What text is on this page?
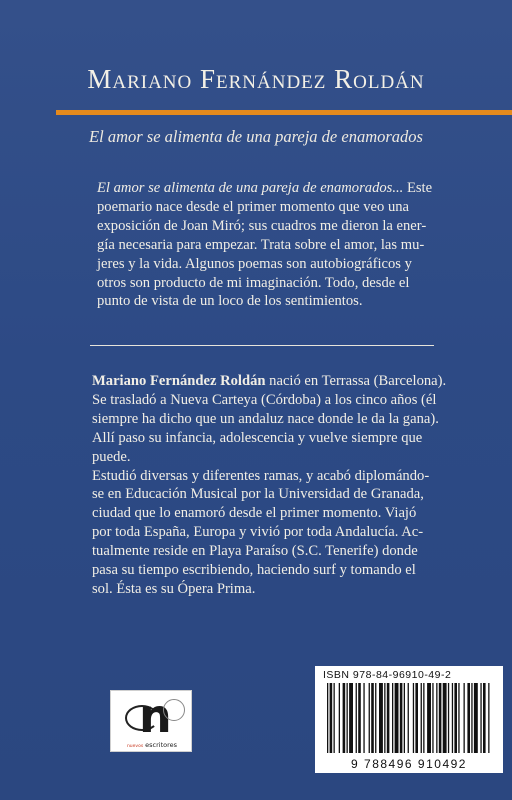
Mariano Fernández Roldán
El amor se alimenta de una pareja de enamorados
El amor se alimenta de una pareja de enamorados... Este
poemario nace desde el primer momento que veo una
exposición de Joan Miró; sus cuadros me dieron la ener-
gía necesaria para empezar. Trata sobre el amor, las mu-
jeres y la vida. Algunos poemas son autobiográficos y
otros son producto de mi imaginación. Todo, desde el
punto de vista de un loco de los sentimientos.
Mariano Fernández Roldán nació en Terrassa (Barcelona).
Se trasladó a Nueva Carteya (Córdoba) a los cinco años (él
siempre ha dicho que un andaluz nace donde le da la gana).
Allí paso su infancia, adolescencia y vuelve siempre que
puede.
Estudió diversas y diferentes ramas, y acabó diplomándo-
se en Educación Musical por la Universidad de Granada,
ciudad que lo enamoró desde el primer momento. Viajó
por toda España, Europa y vivió por toda Andalucía. Ac-
tualmente reside en Playa Paraíso (S.C. Tenerife) donde
pasa su tiempo escribiendo, haciendo surf y tomando el
sol. Ésta es su Ópera Prima.
n
nuevos escritores
ISBN 978-84-96910-49-2
9 788496 910492
